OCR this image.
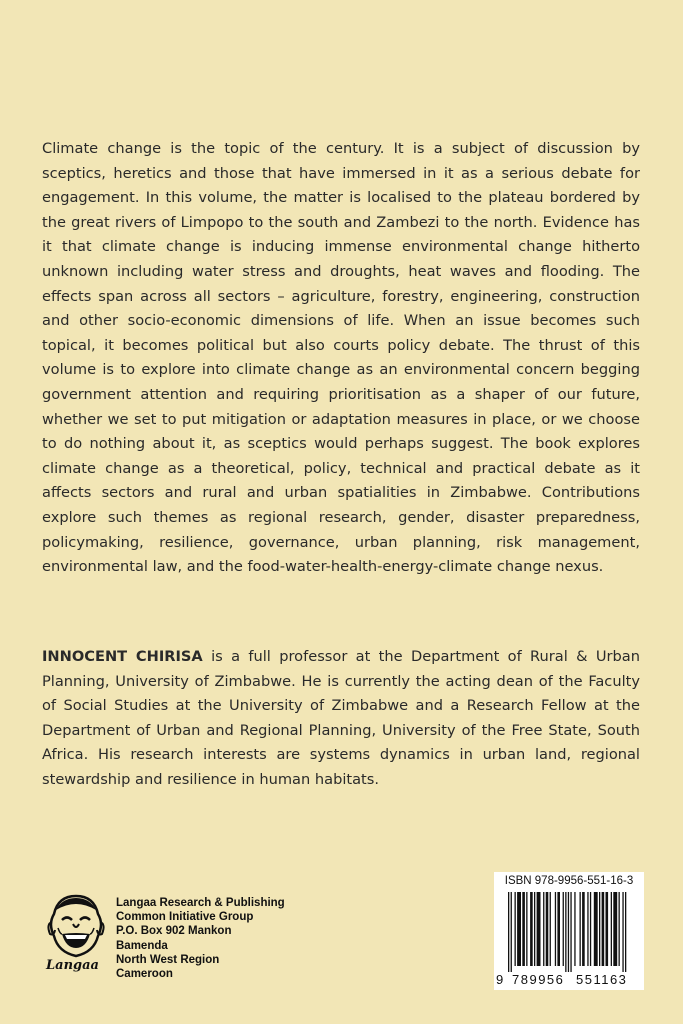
Climate change is the topic of the century. It is a subject of discussion by sceptics, heretics and those that have immersed in it as a serious debate for engagement. In this volume, the matter is localised to the plateau bordered by the great rivers of Limpopo to the south and Zambezi to the north. Evidence has it that climate change is inducing immense environmental change hitherto unknown including water stress and droughts, heat waves and flooding. The effects span across all sectors – agriculture, forestry, engineering, construction and other socio-economic dimensions of life. When an issue becomes such topical, it becomes political but also courts policy debate. The thrust of this volume is to explore into climate change as an environmental concern begging government attention and requiring prioritisation as a shaper of our future, whether we set to put mitigation or adaptation measures in place, or we choose to do nothing about it, as sceptics would perhaps suggest. The book explores climate change as a theoretical, policy, technical and practical debate as it affects sectors and rural and urban spatialities in Zimbabwe. Contributions explore such themes as regional research, gender, disaster preparedness, policymaking, resilience, governance, urban planning, risk management, environmental law, and the food-water-health-energy-climate change nexus.

INNOCENT CHIRISA is a full professor at the Department of Rural & Urban Planning, University of Zimbabwe. He is currently the acting dean of the Faculty of Social Studies at the University of Zimbabwe and a Research Fellow at the Department of Urban and Regional Planning, University of the Free State, South Africa. His research interests are systems dynamics in urban land, regional stewardship and resilience in human habitats.

Langaa
Langaa Research & Publishing
Common Initiative Group
P.O. Box 902 Mankon
Bamenda
North West Region
Cameroon
ISBN 978-9956-551-16-3
9 789956 551163
